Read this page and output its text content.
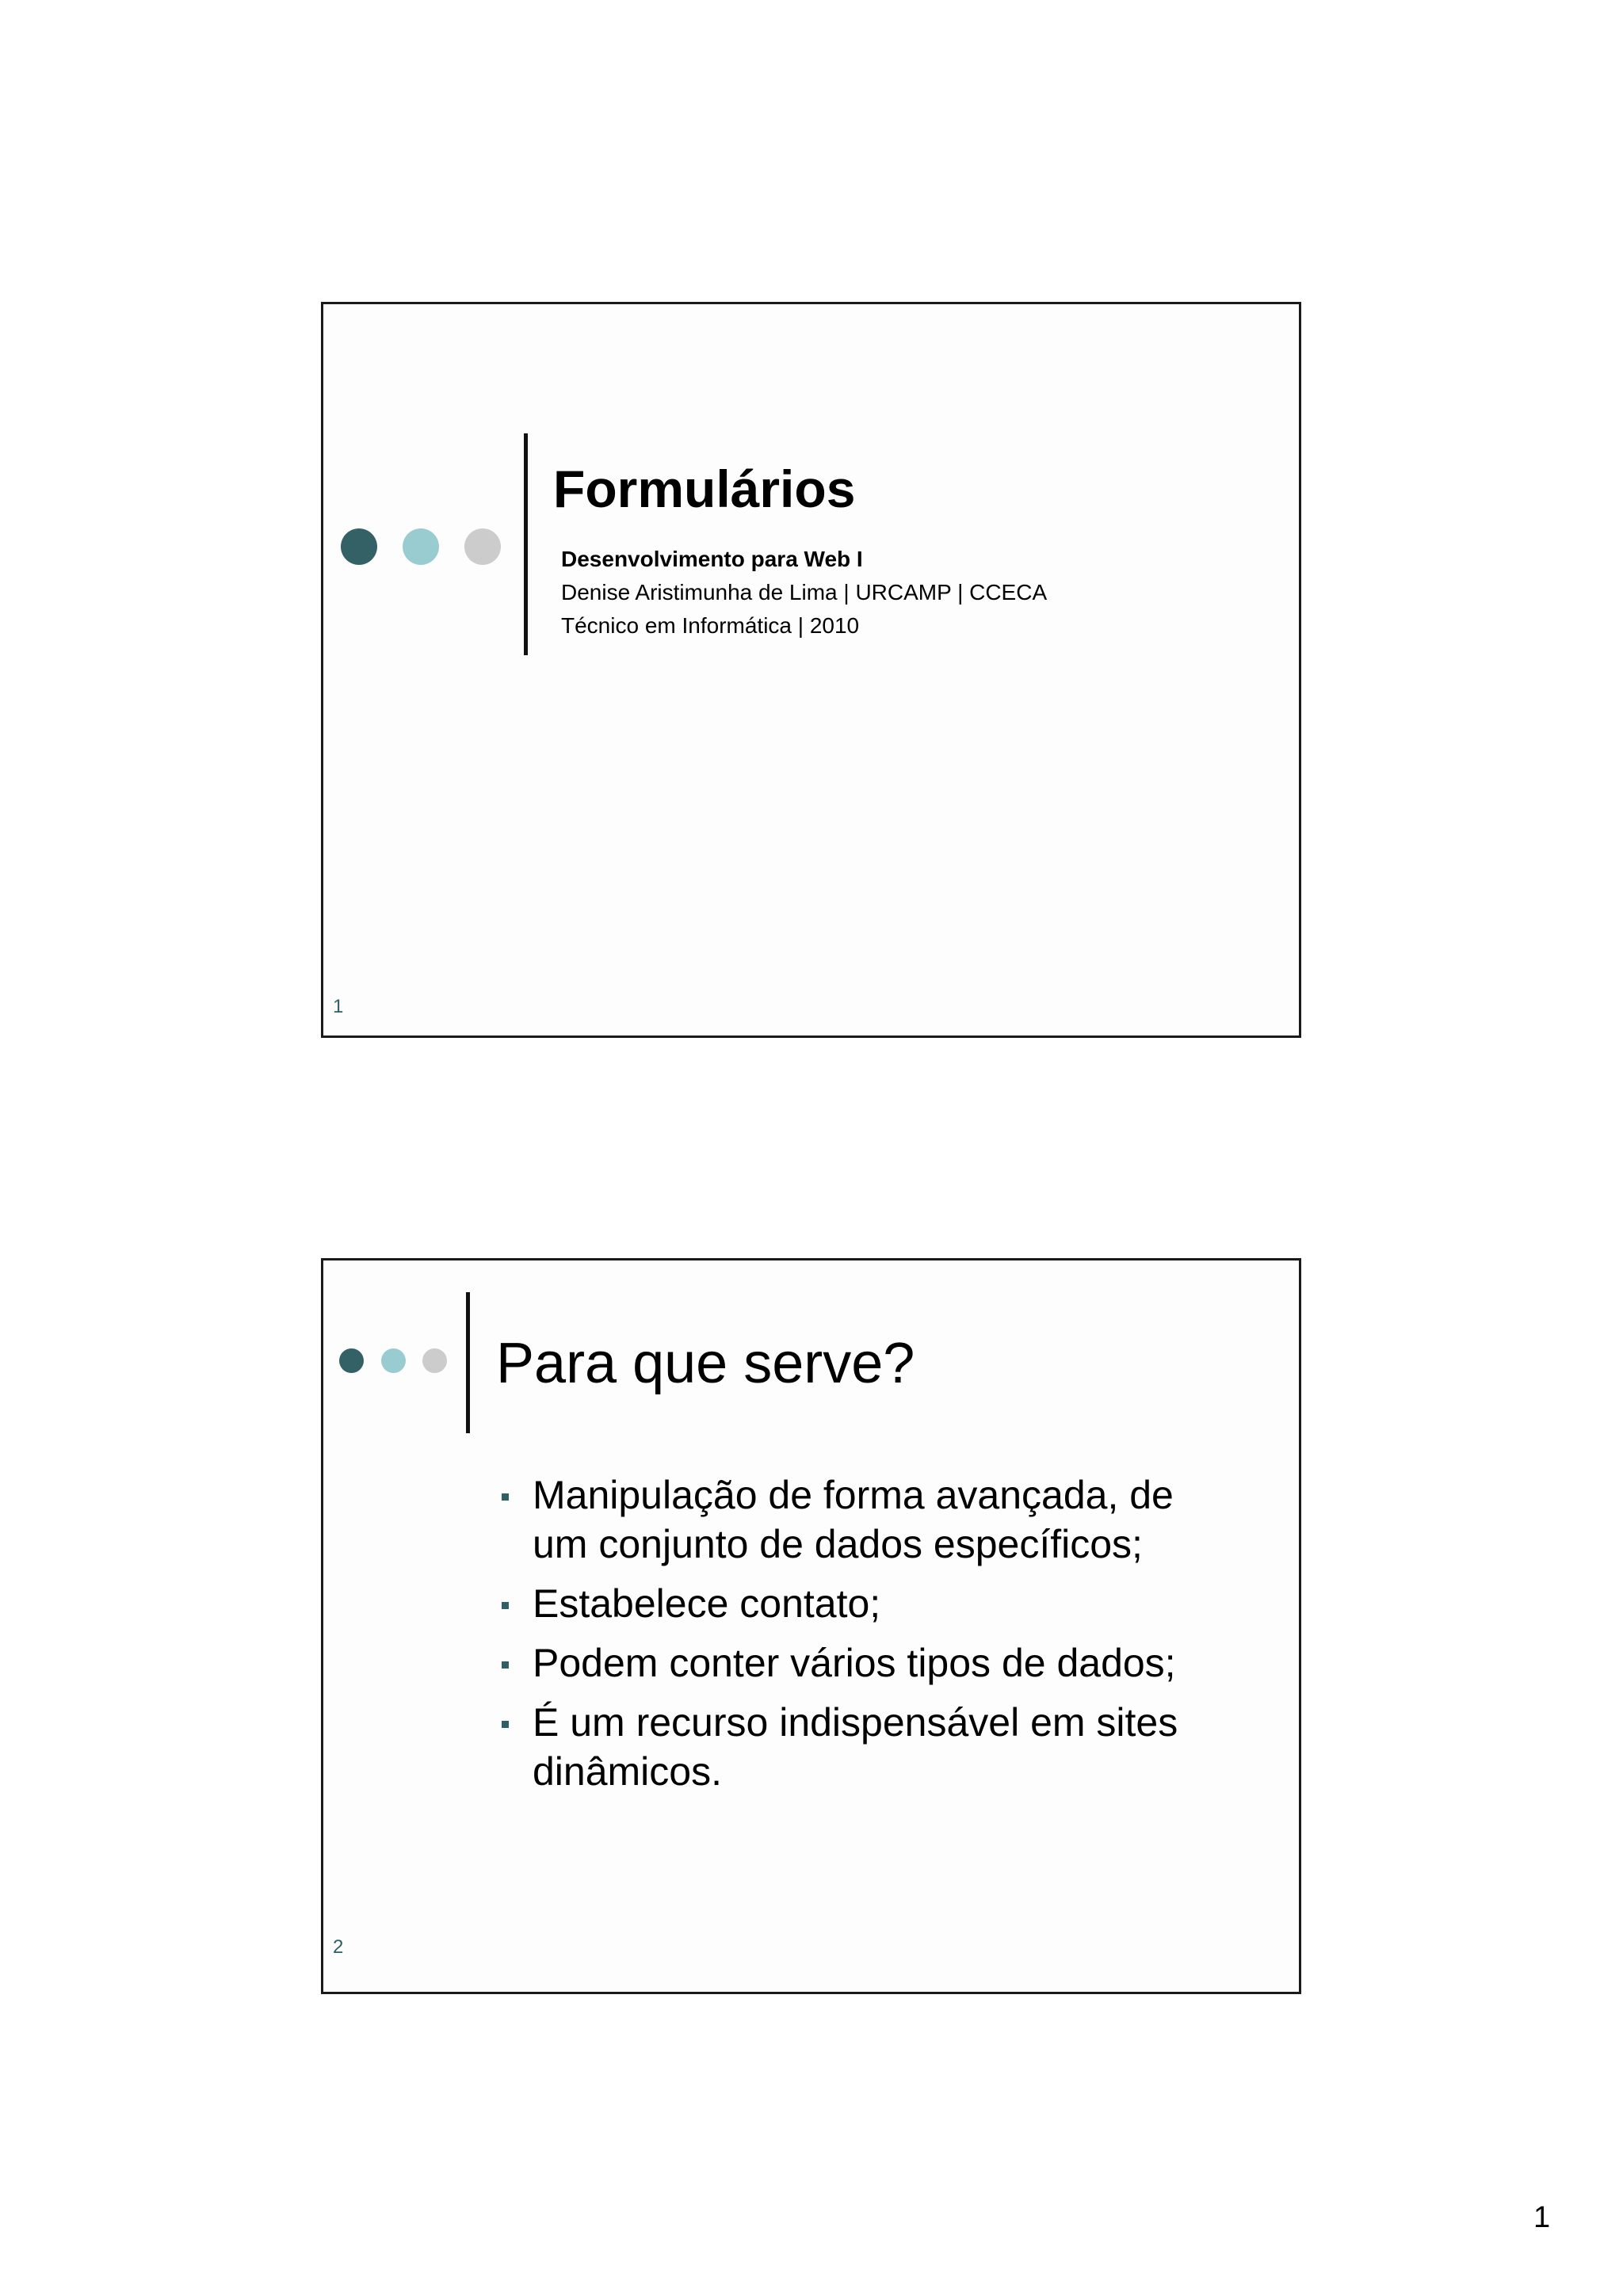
Formulários
Desenvolvimento para Web I
Denise Aristimunha de Lima | URCAMP | CCECA
Técnico em Informática | 2010
1
Para que serve?
Manipulação de forma avançada, de um conjunto de dados específicos;
Estabelece contato;
Podem conter vários tipos de dados;
É um recurso indispensável em sites dinâmicos.
2
1
